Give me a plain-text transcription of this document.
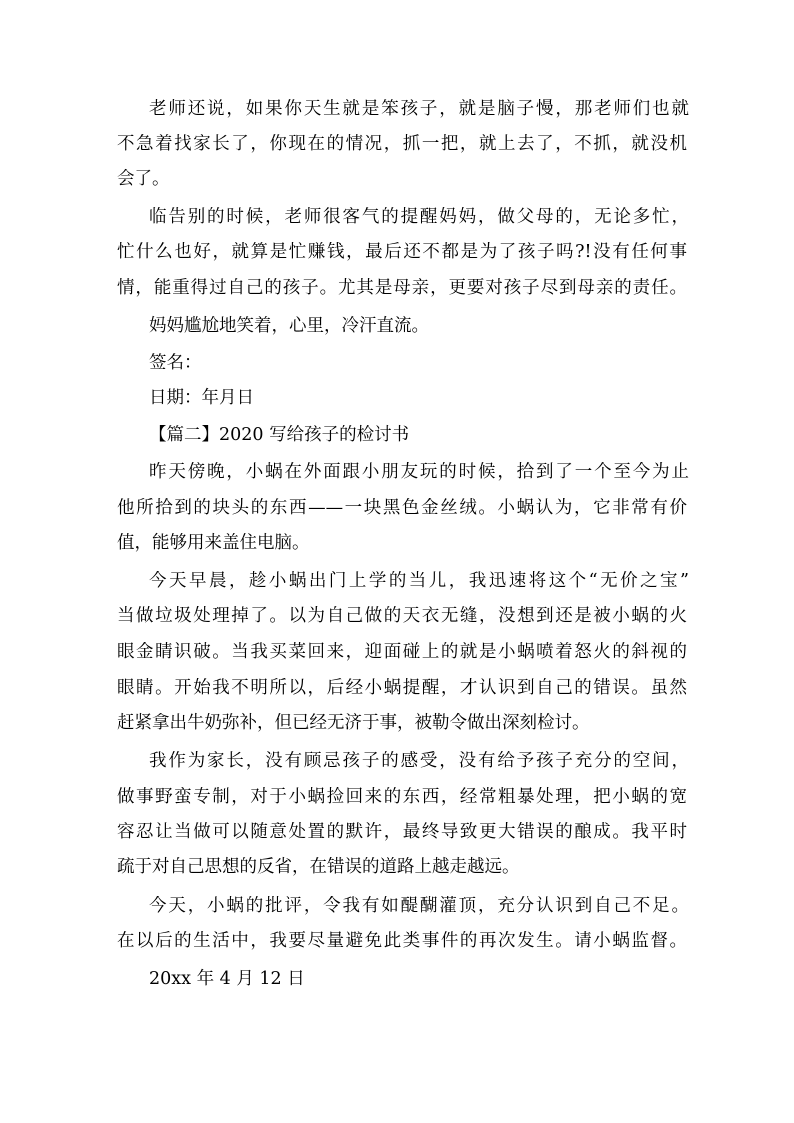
老师还说，如果你天生就是笨孩子，就是脑子慢，那老师们也就
不急着找家长了，你现在的情况，抓一把，就上去了，不抓，就没机
会了。
临告别的时候，老师很客气的提醒妈妈，做父母的，无论多忙，
忙什么也好，就算是忙赚钱，最后还不都是为了孩子吗?!没有任何事
情，能重得过自己的孩子。尤其是母亲，更要对孩子尽到母亲的责任。
妈妈尴尬地笑着，心里，冷汗直流。
签名：
日期：年月日
【篇二】2020 写给孩子的检讨书
昨天傍晚，小蜗在外面跟小朋友玩的时候，拾到了一个至今为止
他所拾到的块头的东西——一块黑色金丝绒。小蜗认为，它非常有价
值，能够用来盖住电脑。
今天早晨，趁小蜗出门上学的当儿，我迅速将这个“无价之宝”
当做垃圾处理掉了。以为自己做的天衣无缝，没想到还是被小蜗的火
眼金睛识破。当我买菜回来，迎面碰上的就是小蜗喷着怒火的斜视的
眼睛。开始我不明所以，后经小蜗提醒，才认识到自己的错误。虽然
赶紧拿出牛奶弥补，但已经无济于事，被勒令做出深刻检讨。
我作为家长，没有顾忌孩子的感受，没有给予孩子充分的空间，
做事野蛮专制，对于小蜗捡回来的东西，经常粗暴处理，把小蜗的宽
容忍让当做可以随意处置的默许，最终导致更大错误的酿成。我平时
疏于对自己思想的反省，在错误的道路上越走越远。
今天，小蜗的批评，令我有如醍醐灌顶，充分认识到自己不足。
在以后的生活中，我要尽量避免此类事件的再次发生。请小蜗监督。
20xx 年 4 月 12 日
